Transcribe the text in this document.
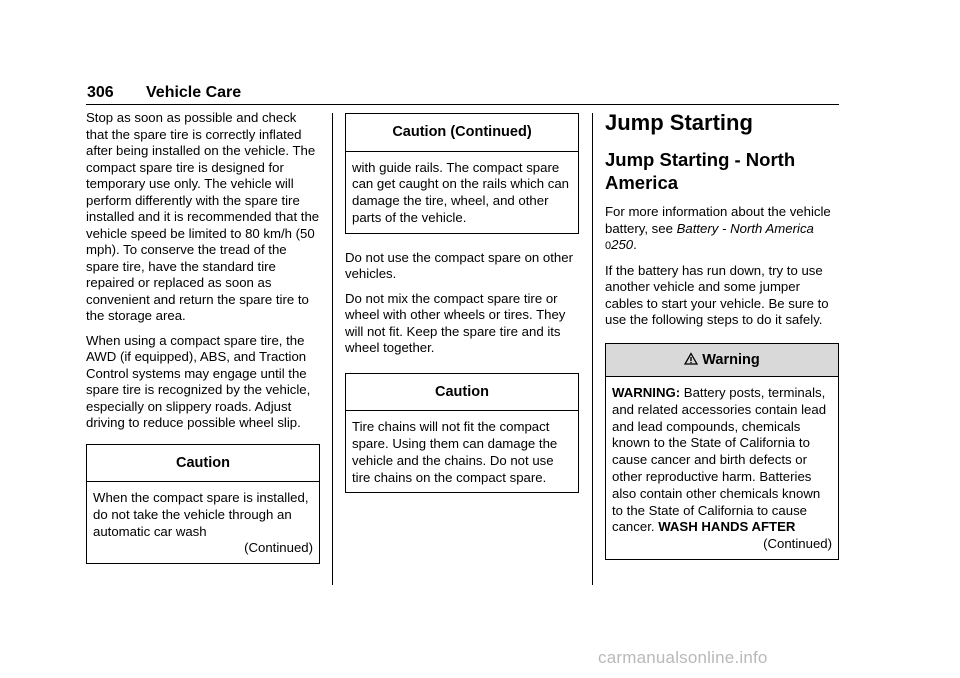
306 Vehicle Care

Stop as soon as possible and check that the spare tire is correctly inflated after being installed on the vehicle. The compact spare tire is designed for temporary use only. The vehicle will perform differently with the spare tire installed and it is recommended that the vehicle speed be limited to 80 km/h (50 mph). To conserve the tread of the spare tire, have the standard tire repaired or replaced as soon as convenient and return the spare tire to the storage area.

When using a compact spare tire, the AWD (if equipped), ABS, and Traction Control systems may engage until the spare tire is recognized by the vehicle, especially on slippery roads. Adjust driving to reduce possible wheel slip.

Caution
When the compact spare is installed, do not take the vehicle through an automatic car wash
(Continued)
Caution (Continued)
with guide rails. The compact spare can get caught on the rails which can damage the tire, wheel, and other parts of the vehicle.

Do not use the compact spare on other vehicles.

Do not mix the compact spare tire or wheel with other wheels or tires. They will not fit. Keep the spare tire and its wheel together.

Caution
Tire chains will not fit the compact spare. Using them can damage the vehicle and the chains. Do not use tire chains on the compact spare.
Jump Starting
Jump Starting - North America

For more information about the vehicle battery, see Battery - North America 0250.

If the battery has run down, try to use another vehicle and some jumper cables to start your vehicle. Be sure to use the following steps to do it safely.

Warning
WARNING: Battery posts, terminals, and related accessories contain lead and lead compounds, chemicals known to the State of California to cause cancer and birth defects or other reproductive harm. Batteries also contain other chemicals known to the State of California to cause cancer. WASH HANDS AFTER
(Continued)
carmanualsonline.info
